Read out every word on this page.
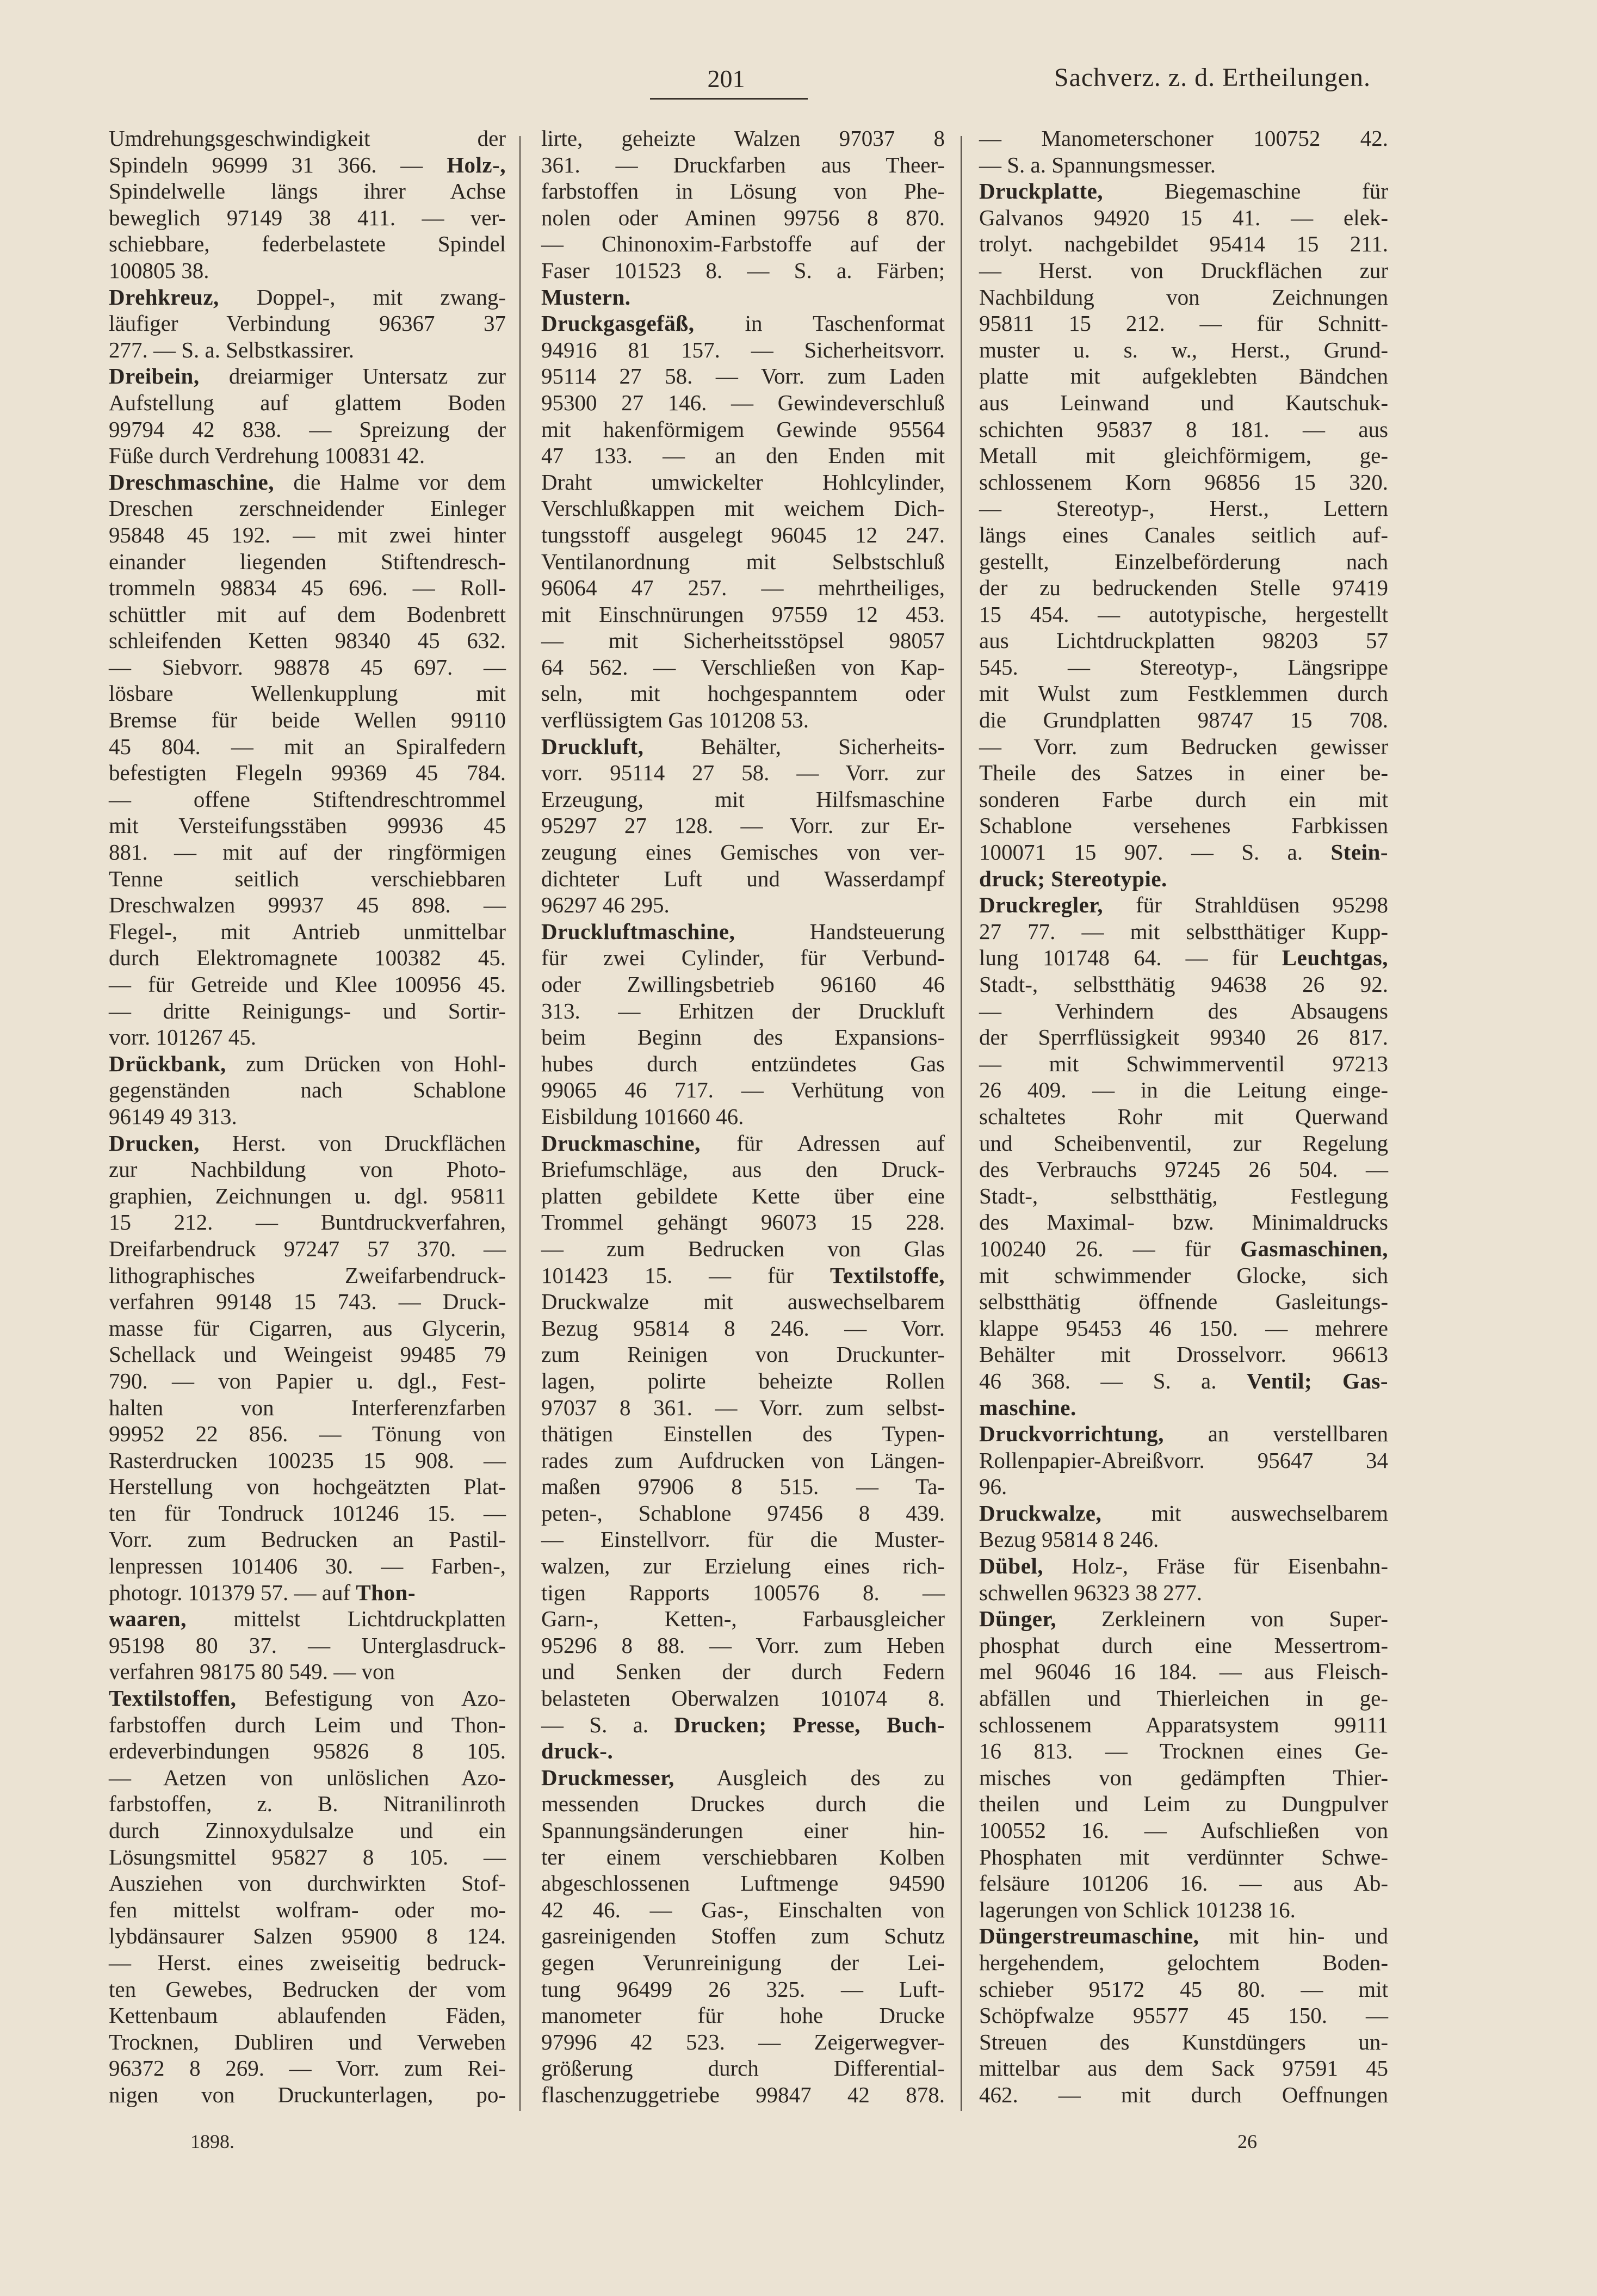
201	Sachverz. z. d. Ertheilungen.
Umdrehungsgeschwindigkeit der
Spindeln 96999 31 366. — Holz-,
Spindelwelle längs ihrer Achse
beweglich 97149 38 411. — ver-
schiebbare, federbelastete Spindel
100805 38.
Drehkreuz, Doppel-, mit zwang-
läufiger Verbindung 96367 37
277. — S. a. Selbstkassirer.
Dreibein, dreiarmiger Untersatz zur
Aufstellung auf glattem Boden
99794 42 838. — Spreizung der
Füße durch Verdrehung 100831 42.
Dreschmaschine, die Halme vor dem
Dreschen zerschneidender Einleger
95848 45 192. — mit zwei hinter
einander liegenden Stiftendresch-
trommeln 98834 45 696. — Roll-
schüttler mit auf dem Bodenbrett
schleifenden Ketten 98340 45 632.
— Siebvorr. 98878 45 697. —
lösbare Wellenkupplung mit
Bremse für beide Wellen 99110
45 804. — mit an Spiralfedern
befestigten Flegeln 99369 45 784.
— offene Stiftendreschtrommel
mit Versteifungsstäben 99936 45
881. — mit auf der ringförmigen
Tenne seitlich verschiebbaren
Dreschwalzen 99937 45 898. —
Flegel-, mit Antrieb unmittelbar
durch Elektromagnete 100382 45.
— für Getreide und Klee 100956 45.
— dritte Reinigungs- und Sortir-
vorr. 101267 45.
Drückbank, zum Drücken von Hohl-
gegenständen nach Schablone
96149 49 313.
Drucken, Herst. von Druckflächen
zur Nachbildung von Photo-
graphien, Zeichnungen u. dgl. 95811
15 212. — Buntdruckverfahren,
Dreifarbendruck 97247 57 370. —
lithographisches Zweifarbendruck-
verfahren 99148 15 743. — Druck-
masse für Cigarren, aus Glycerin,
Schellack und Weingeist 99485 79
790. — von Papier u. dgl., Fest-
halten von Interferenzfarben
99952 22 856. — Tönung von
Rasterdrucken 100235 15 908. —
Herstellung von hochgeätzten Plat-
ten für Tondruck 101246 15. —
Vorr. zum Bedrucken an Pastil-
lenpressen 101406 30. — Farben-,
photogr. 101379 57. — auf Thon-
waaren, mittelst Lichtdruckplatten
95198 80 37. — Unterglasdruck-
verfahren 98175 80 549. — von
Textilstoffen, Befestigung von Azo-
farbstoffen durch Leim und Thon-
erdeverbindungen 95826 8 105.
— Aetzen von unlöslichen Azo-
farbstoffen, z. B. Nitranilinroth
durch Zinnoxydulsalze und ein
Lösungsmittel 95827 8 105. —
Ausziehen von durchwirkten Stof-
fen mittelst wolfram- oder mo-
lybdänsaurer Salzen 95900 8 124.
— Herst. eines zweiseitig bedruck-
ten Gewebes, Bedrucken der vom
Kettenbaum ablaufenden Fäden,
Trocknen, Dubliren und Verweben
96372 8 269. — Vorr. zum Rei-
nigen von Druckunterlagen, po-
lirte, geheizte Walzen 97037 8
361. — Druckfarben aus Theer-
farbstoffen in Lösung von Phe-
nolen oder Aminen 99756 8 870.
— Chinonoxim-Farbstoffe auf der
Faser 101523 8. — S. a. Färben;
Mustern.
Druckgasgefäß, in Taschenformat
94916 81 157. — Sicherheitsvorr.
95114 27 58. — Vorr. zum Laden
95300 27 146. — Gewindeverschluß
mit hakenförmigem Gewinde 95564
47 133. — an den Enden mit
Draht umwickelter Hohlcylinder,
Verschlußkappen mit weichem Dich-
tungsstoff ausgelegt 96045 12 247.
Ventilanordnung mit Selbstschluß
96064 47 257. — mehrtheiliges,
mit Einschnürungen 97559 12 453.
— mit Sicherheitsstöpsel 98057
64 562. — Verschließen von Kap-
seln, mit hochgespanntem oder
verflüssigtem Gas 101208 53.
Druckluft, Behälter, Sicherheits-
vorr. 95114 27 58. — Vorr. zur
Erzeugung, mit Hilfsmaschine
95297 27 128. — Vorr. zur Er-
zeugung eines Gemisches von ver-
dichteter Luft und Wasserdampf
96297 46 295.
Druckluftmaschine, Handsteuerung
für zwei Cylinder, für Verbund-
oder Zwillingsbetrieb 96160 46
313. — Erhitzen der Druckluft
beim Beginn des Expansions-
hubes durch entzündetes Gas
99065 46 717. — Verhütung von
Eisbildung 101660 46.
Druckmaschine, für Adressen auf
Briefumschläge, aus den Druck-
platten gebildete Kette über eine
Trommel gehängt 96073 15 228.
— zum Bedrucken von Glas
101423 15. — für Textilstoffe,
Druckwalze mit auswechselbarem
Bezug 95814 8 246. — Vorr.
zum Reinigen von Druckunter-
lagen, polirte beheizte Rollen
97037 8 361. — Vorr. zum selbst-
thätigen Einstellen des Typen-
rades zum Aufdrucken von Längen-
maßen 97906 8 515. — Ta-
peten-, Schablone 97456 8 439.
— Einstellvorr. für die Muster-
walzen, zur Erzielung eines rich-
tigen Rapports 100576 8. —
Garn-, Ketten-, Farbausgleicher
95296 8 88. — Vorr. zum Heben
und Senken der durch Federn
belasteten Oberwalzen 101074 8.
— S. a. Drucken; Presse, Buch-
druck-.
Druckmesser, Ausgleich des zu
messenden Druckes durch die
Spannungsänderungen einer hin-
ter einem verschiebbaren Kolben
abgeschlossenen Luftmenge 94590
42 46. — Gas-, Einschalten von
gasreinigenden Stoffen zum Schutz
gegen Verunreinigung der Lei-
tung 96499 26 325. — Luft-
manometer für hohe Drucke
97996 42 523. — Zeigerwegver-
größerung durch Differential-
flaschenzuggetriebe 99847 42 878.
— Manometerschoner 100752 42.
— S. a. Spannungsmesser.
Druckplatte, Biegemaschine für
Galvanos 94920 15 41. — elek-
trolyt. nachgebildet 95414 15 211.
— Herst. von Druckflächen zur
Nachbildung von Zeichnungen
95811 15 212. — für Schnitt-
muster u. s. w., Herst., Grund-
platte mit aufgeklebten Bändchen
aus Leinwand und Kautschuk-
schichten 95837 8 181. — aus
Metall mit gleichförmigem, ge-
schlossenem Korn 96856 15 320.
— Stereotyp-, Herst., Lettern
längs eines Canales seitlich auf-
gestellt, Einzelbeförderung nach
der zu bedruckenden Stelle 97419
15 454. — autotypische, hergestellt
aus Lichtdruckplatten 98203 57
545. — Stereotyp-, Längsrippe
mit Wulst zum Festklemmen durch
die Grundplatten 98747 15 708.
— Vorr. zum Bedrucken gewisser
Theile des Satzes in einer be-
sonderen Farbe durch ein mit
Schablone versehenes Farbkissen
100071 15 907. — S. a. Stein-
druck; Stereotypie.
Druckregler, für Strahldüsen 95298
27 77. — mit selbstthätiger Kupp-
lung 101748 64. — für Leuchtgas,
Stadt-, selbstthätig 94638 26 92.
— Verhindern des Absaugens
der Sperrflüssigkeit 99340 26 817.
— mit Schwimmerventil 97213
26 409. — in die Leitung einge-
schaltetes Rohr mit Querwand
und Scheibenventil, zur Regelung
des Verbrauchs 97245 26 504. —
Stadt-, selbstthätig, Festlegung
des Maximal- bzw. Minimaldrucks
100240 26. — für Gasmaschinen,
mit schwimmender Glocke, sich
selbstthätig öffnende Gasleitungs-
klappe 95453 46 150. — mehrere
Behälter mit Drosselvorr. 96613
46 368. — S. a. Ventil; Gas-
maschine.
Druckvorrichtung, an verstellbaren
Rollenpapier-Abreißvorr. 95647 34
96.
Druckwalze, mit auswechselbarem
Bezug 95814 8 246.
Dübel, Holz-, Fräse für Eisenbahn-
schwellen 96323 38 277.
Dünger, Zerkleinern von Super-
phosphat durch eine Messertrom-
mel 96046 16 184. — aus Fleisch-
abfällen und Thierleichen in ge-
schlossenem Apparatsystem 99111
16 813. — Trocknen eines Ge-
misches von gedämpften Thier-
theilen und Leim zu Dungpulver
100552 16. — Aufschließen von
Phosphaten mit verdünnter Schwe-
felsäure 101206 16. — aus Ab-
lagerungen von Schlick 101238 16.
Düngerstreumaschine, mit hin- und
hergehendem, gelochtem Boden-
schieber 95172 45 80. — mit
Schöpfwalze 95577 45 150. —
Streuen des Kunstdüngers un-
mittelbar aus dem Sack 97591 45
462. — mit durch Oeffnungen
1898.	26
